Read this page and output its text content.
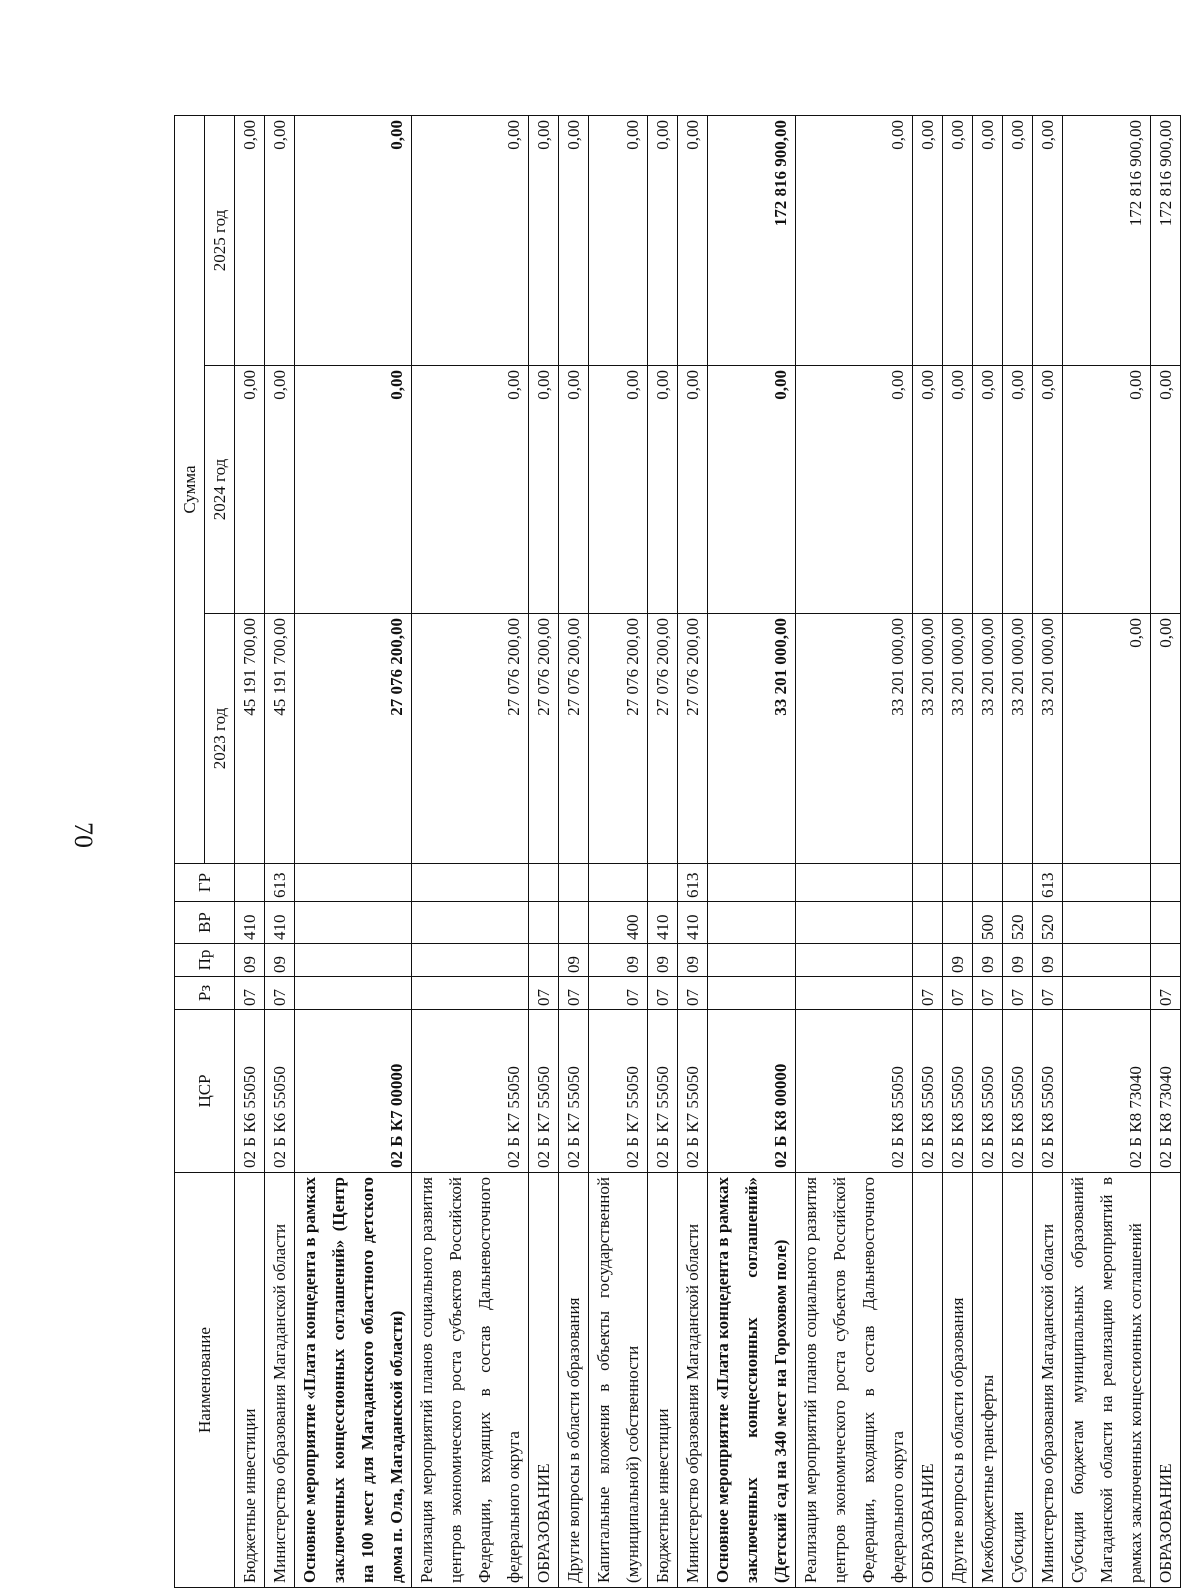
70
Наименование	ЦСР	Рз	Пр	ВР	ГР	Сумма		
						2023 год	2024 год	2025 год
Бюджетные инвестиции	02 Б К6 55050	07	09	410		45 191 700,00	0,00	0,00
Министерство образования Магаданской области	02 Б К6 55050	07	09	410	613	45 191 700,00	0,00	0,00
Основное мероприятие «Плата концедента в рамках заключенных концессионных соглашений» (Центр на 100 мест для Магаданского областного детского дома п. Ола, Магаданской области)	02 Б К7 00000					27 076 200,00	0,00	0,00
Реализация мероприятий планов социального развития центров экономического роста субъектов Российской Федерации, входящих в состав Дальневосточного федерального округа	02 Б К7 55050					27 076 200,00	0,00	0,00
ОБРАЗОВАНИЕ	02 Б К7 55050	07				27 076 200,00	0,00	0,00
Другие вопросы в области образования	02 Б К7 55050	07	09			27 076 200,00	0,00	0,00
Капитальные вложения в объекты государственной (муниципальной) собственности	02 Б К7 55050	07	09	400		27 076 200,00	0,00	0,00
Бюджетные инвестиции	02 Б К7 55050	07	09	410		27 076 200,00	0,00	0,00
Министерство образования Магаданской области	02 Б К7 55050	07	09	410	613	27 076 200,00	0,00	0,00
Основное мероприятие «Плата концедента в рамках заключенных концессионных соглашений» (Детский сад на 340 мест на Гороховом поле)	02 Б К8 00000					33 201 000,00	0,00	172 816 900,00
Реализация мероприятий планов социального развития центров экономического роста субъектов Российской Федерации, входящих в состав Дальневосточного федерального округа	02 Б К8 55050					33 201 000,00	0,00	0,00
ОБРАЗОВАНИЕ	02 Б К8 55050	07				33 201 000,00	0,00	0,00
Другие вопросы в области образования	02 Б К8 55050	07	09			33 201 000,00	0,00	0,00
Межбюджетные трансферты	02 Б К8 55050	07	09	500		33 201 000,00	0,00	0,00
Субсидии	02 Б К8 55050	07	09	520		33 201 000,00	0,00	0,00
Министерство образования Магаданской области	02 Б К8 55050	07	09	520	613	33 201 000,00	0,00	0,00
Субсидии бюджетам муниципальных образований Магаданской области на реализацию мероприятий в рамках заключенных концессионных соглашений	02 Б К8 73040					0,00	0,00	172 816 900,00
ОБРАЗОВАНИЕ	02 Б К8 73040	07				0,00	0,00	172 816 900,00
